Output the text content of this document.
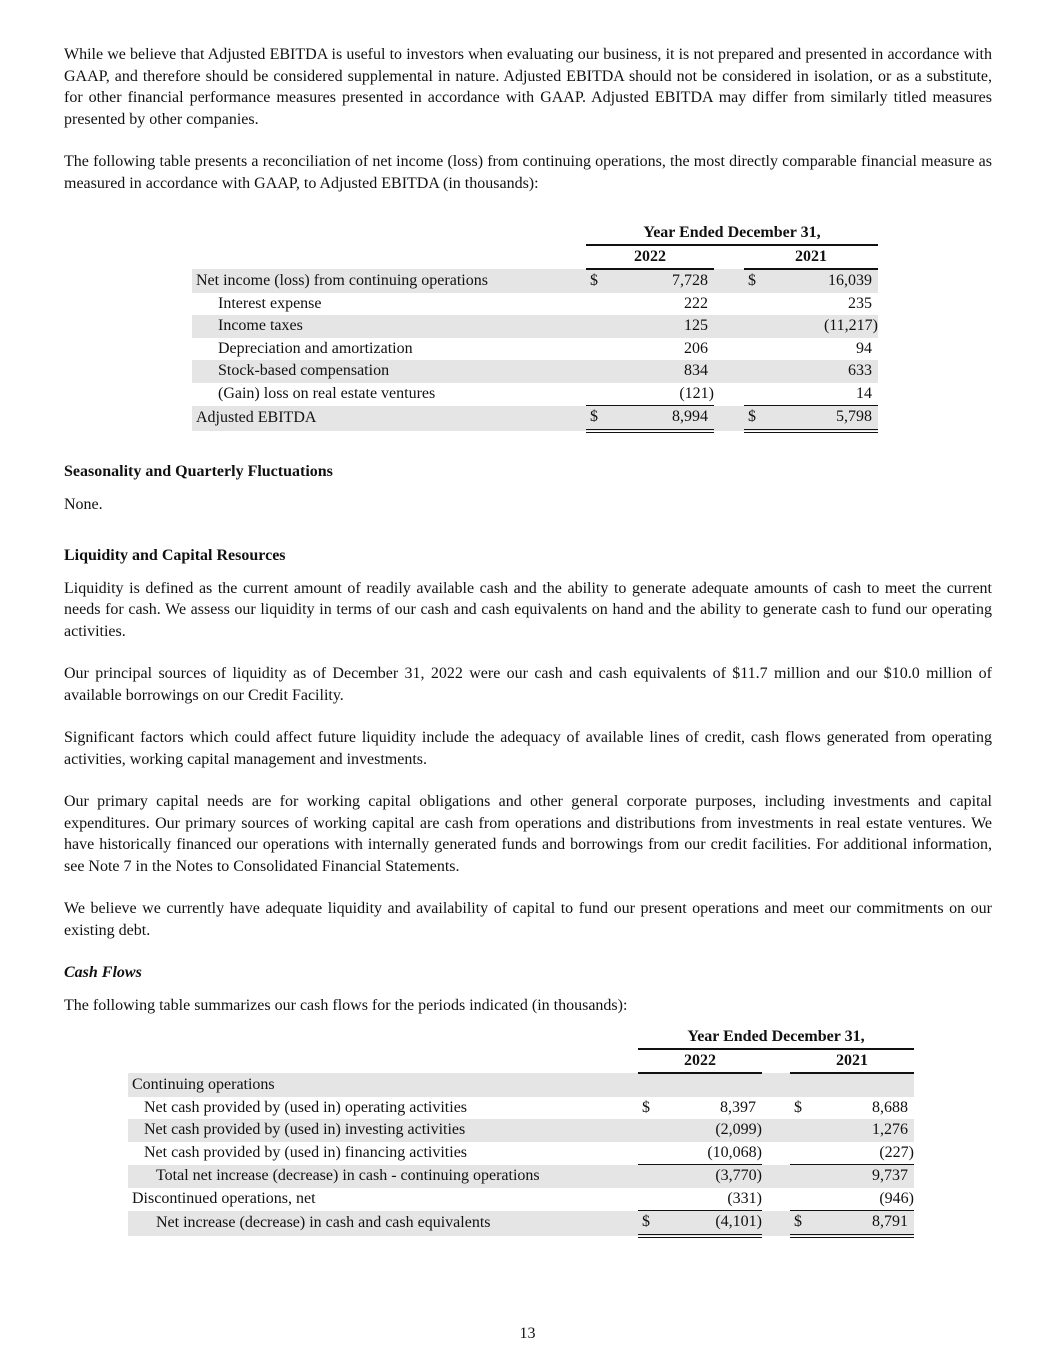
While we believe that Adjusted EBITDA is useful to investors when evaluating our business, it is not prepared and presented in accordance with GAAP, and therefore should be considered supplemental in nature. Adjusted EBITDA should not be considered in isolation, or as a substitute, for other financial performance measures presented in accordance with GAAP. Adjusted EBITDA may differ from similarly titled measures presented by other companies.

The following table presents a reconciliation of net income (loss) from continuing operations, the most directly comparable financial measure as measured in accordance with GAAP, to Adjusted EBITDA (in thousands):

	Year Ended December 31,				
	2022			2021	
Net income (loss) from continuing operations	$	7,728		$	16,039
Interest expense		222			235
Income taxes		125			(11,217)
Depreciation and amortization		206			94
Stock-based compensation		834			633
(Gain) loss on real estate ventures		(121)			14
Adjusted EBITDA	$	8,994		$	5,798

Seasonality and Quarterly Fluctuations

None.

Liquidity and Capital Resources

Liquidity is defined as the current amount of readily available cash and the ability to generate adequate amounts of cash to meet the current needs for cash. We assess our liquidity in terms of our cash and cash equivalents on hand and the ability to generate cash to fund our operating activities.

Our principal sources of liquidity as of December 31, 2022 were our cash and cash equivalents of $11.7 million and our $10.0 million of available borrowings on our Credit Facility.

Significant factors which could affect future liquidity include the adequacy of available lines of credit, cash flows generated from operating activities, working capital management and investments.

Our primary capital needs are for working capital obligations and other general corporate purposes, including investments and capital expenditures. Our primary sources of working capital are cash from operations and distributions from investments in real estate ventures. We have historically financed our operations with internally generated funds and borrowings from our credit facilities. For additional information, see Note 7 in the Notes to Consolidated Financial Statements.

We believe we currently have adequate liquidity and availability of capital to fund our present operations and meet our commitments on our existing debt.

Cash Flows

The following table summarizes our cash flows for the periods indicated (in thousands):

	Year Ended December 31,				
	2022			2021	
Continuing operations					
Net cash provided by (used in) operating activities	$	8,397		$	8,688
Net cash provided by (used in) investing activities		(2,099)			1,276
Net cash provided by (used in) financing activities		(10,068)			(227)
Total net increase (decrease) in cash - continuing operations		(3,770)			9,737
Discontinued operations, net		(331)			(946)
Net increase (decrease) in cash and cash equivalents	$	(4,101)		$	8,791
13
